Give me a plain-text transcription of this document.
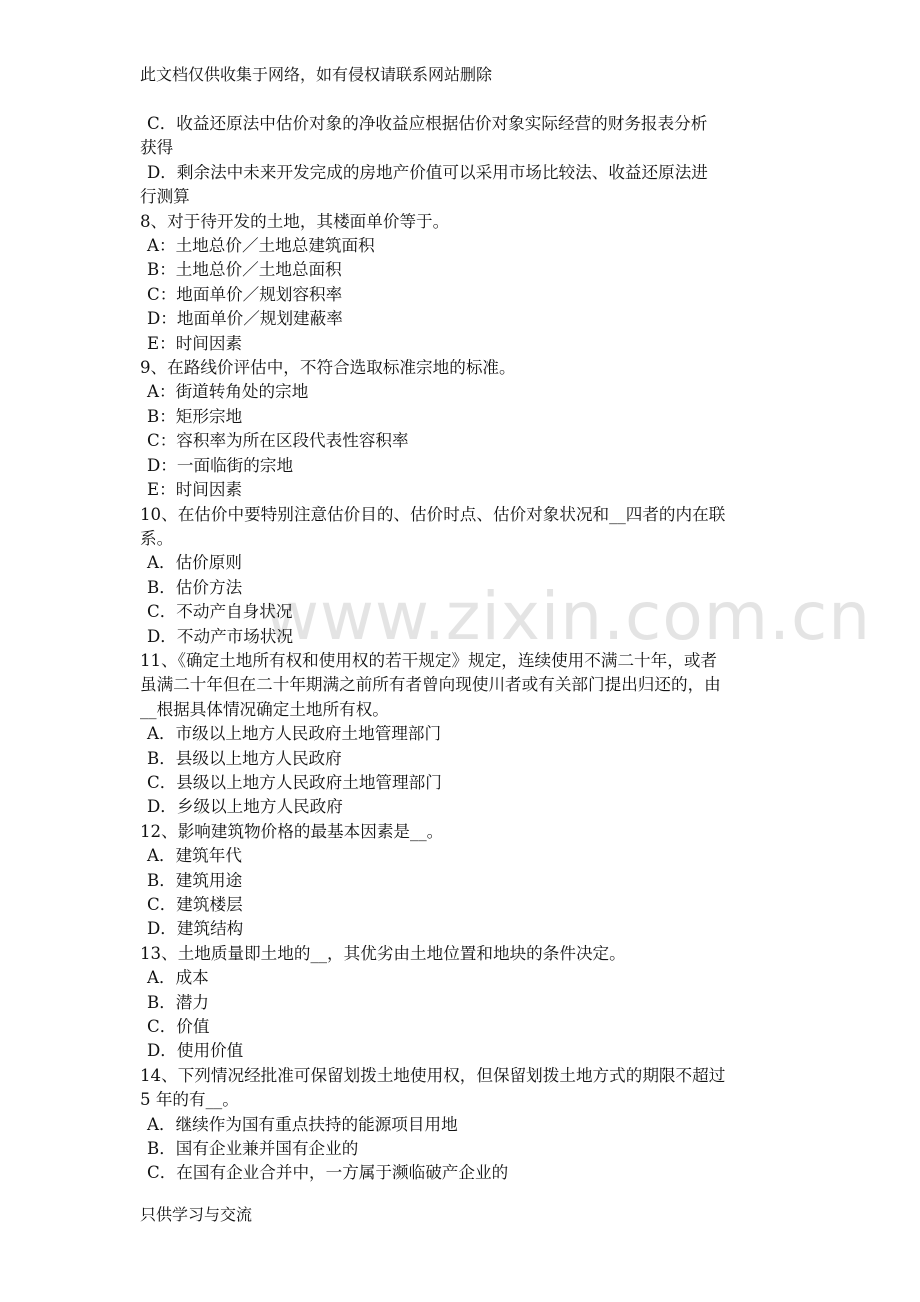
此文档仅供收集于网络，如有侵权请联系网站删除
www.zixin.com.cn
C．收益还原法中估价对象的净收益应根据估价对象实际经营的财务报表分析
获得
D．剩余法中未来开发完成的房地产价值可以采用市场比较法、收益还原法进
行测算
8、对于待开发的土地，其楼面单价等于。
A：土地总价／土地总建筑面积
B：土地总价／土地总面积
C：地面单价／规划容积率
D：地面单价／规划建蔽率
E：时间因素
9、在路线价评估中，不符合选取标准宗地的标准。
A：街道转角处的宗地
B：矩形宗地
C：容积率为所在区段代表性容积率
D：一面临街的宗地
E：时间因素
10、在估价中要特别注意估价目的、估价时点、估价对象状况和__四者的内在联
系。
A．估价原则
B．估价方法
C．不动产自身状况
D．不动产市场状况
11、《确定土地所有权和使用权的若干规定》规定，连续使用不满二十年，或者
虽满二十年但在二十年期满之前所有者曾向现使川者或有关部门提出归还的，由
__根据具体情况确定土地所有权。
A．市级以上地方人民政府土地管理部门
B．县级以上地方人民政府
C．县级以上地方人民政府土地管理部门
D．乡级以上地方人民政府
12、影响建筑物价格的最基本因素是__。
A．建筑年代
B．建筑用途
C．建筑楼层
D．建筑结构
13、土地质量即土地的__，其优劣由土地位置和地块的条件决定。
A．成本
B．潜力
C．价值
D．使用价值
14、下列情况经批准可保留划拨土地使用权，但保留划拨土地方式的期限不超过
5 年的有__。
A．继续作为国有重点扶持的能源项目用地
B．国有企业兼并国有企业的
C．在国有企业合并中，一方属于濒临破产企业的
只供学习与交流
